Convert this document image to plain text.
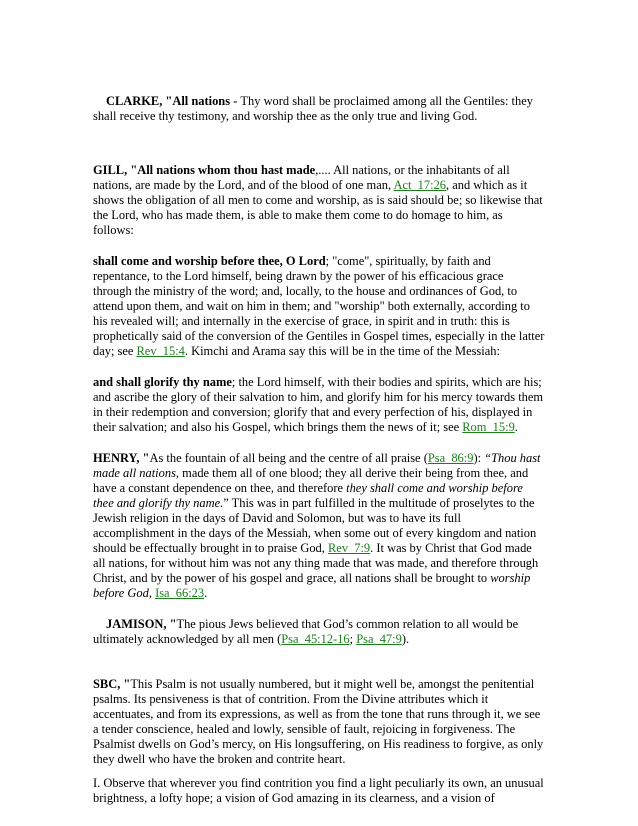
CLARKE, "All nations - Thy word shall be proclaimed among all the Gentiles: they shall receive thy testimony, and worship thee as the only true and living God.

GILL, "All nations whom thou hast made,.... All nations, or the inhabitants of all nations, are made by the Lord, and of the blood of one man, Act_17:26, and which as it shows the obligation of all men to come and worship, as is said should be; so likewise that the Lord, who has made them, is able to make them come to do homage to him, as follows:

shall come and worship before thee, O Lord; "come", spiritually, by faith and repentance, to the Lord himself, being drawn by the power of his efficacious grace through the ministry of the word; and, locally, to the house and ordinances of God, to attend upon them, and wait on him in them; and "worship" both externally, according to his revealed will; and internally in the exercise of grace, in spirit and in truth: this is prophetically said of the conversion of the Gentiles in Gospel times, especially in the latter day; see Rev_15:4. Kimchi and Arama say this will be in the time of the Messiah:

and shall glorify thy name; the Lord himself, with their bodies and spirits, which are his; and ascribe the glory of their salvation to him, and glorify him for his mercy towards them in their redemption and conversion; glorify that and every perfection of his, displayed in their salvation; and also his Gospel, which brings them the news of it; see Rom_15:9.

HENRY, "As the fountain of all being and the centre of all praise (Psa_86:9): “Thou hast made all nations, made them all of one blood; they all derive their being from thee, and have a constant dependence on thee, and therefore they shall come and worship before thee and glorify thy name.” This was in part fulfilled in the multitude of proselytes to the Jewish religion in the days of David and Solomon, but was to have its full accomplishment in the days of the Messiah, when some out of every kingdom and nation should be effectually brought in to praise God, Rev_7:9. It was by Christ that God made all nations, for without him was not any thing made that was made, and therefore through Christ, and by the power of his gospel and grace, all nations shall be brought to worship before God, Isa_66:23.

JAMISON, "The pious Jews believed that God’s common relation to all would be ultimately acknowledged by all men (Psa_45:12-16; Psa_47:9).

SBC, "This Psalm is not usually numbered, but it might well be, amongst the penitential psalms. Its pensiveness is that of contrition. From the Divine attributes which it accentuates, and from its expressions, as well as from the tone that runs through it, we see a tender conscience, healed and lowly, sensible of fault, rejoicing in forgiveness. The Psalmist dwells on God’s mercy, on His longsuffering, on His readiness to forgive, as only they dwell who have the broken and contrite heart.

I. Observe that wherever you find contrition you find a light peculiarly its own, an unusual brightness, a lofty hope; a vision of God amazing in its clearness, and a vision of
